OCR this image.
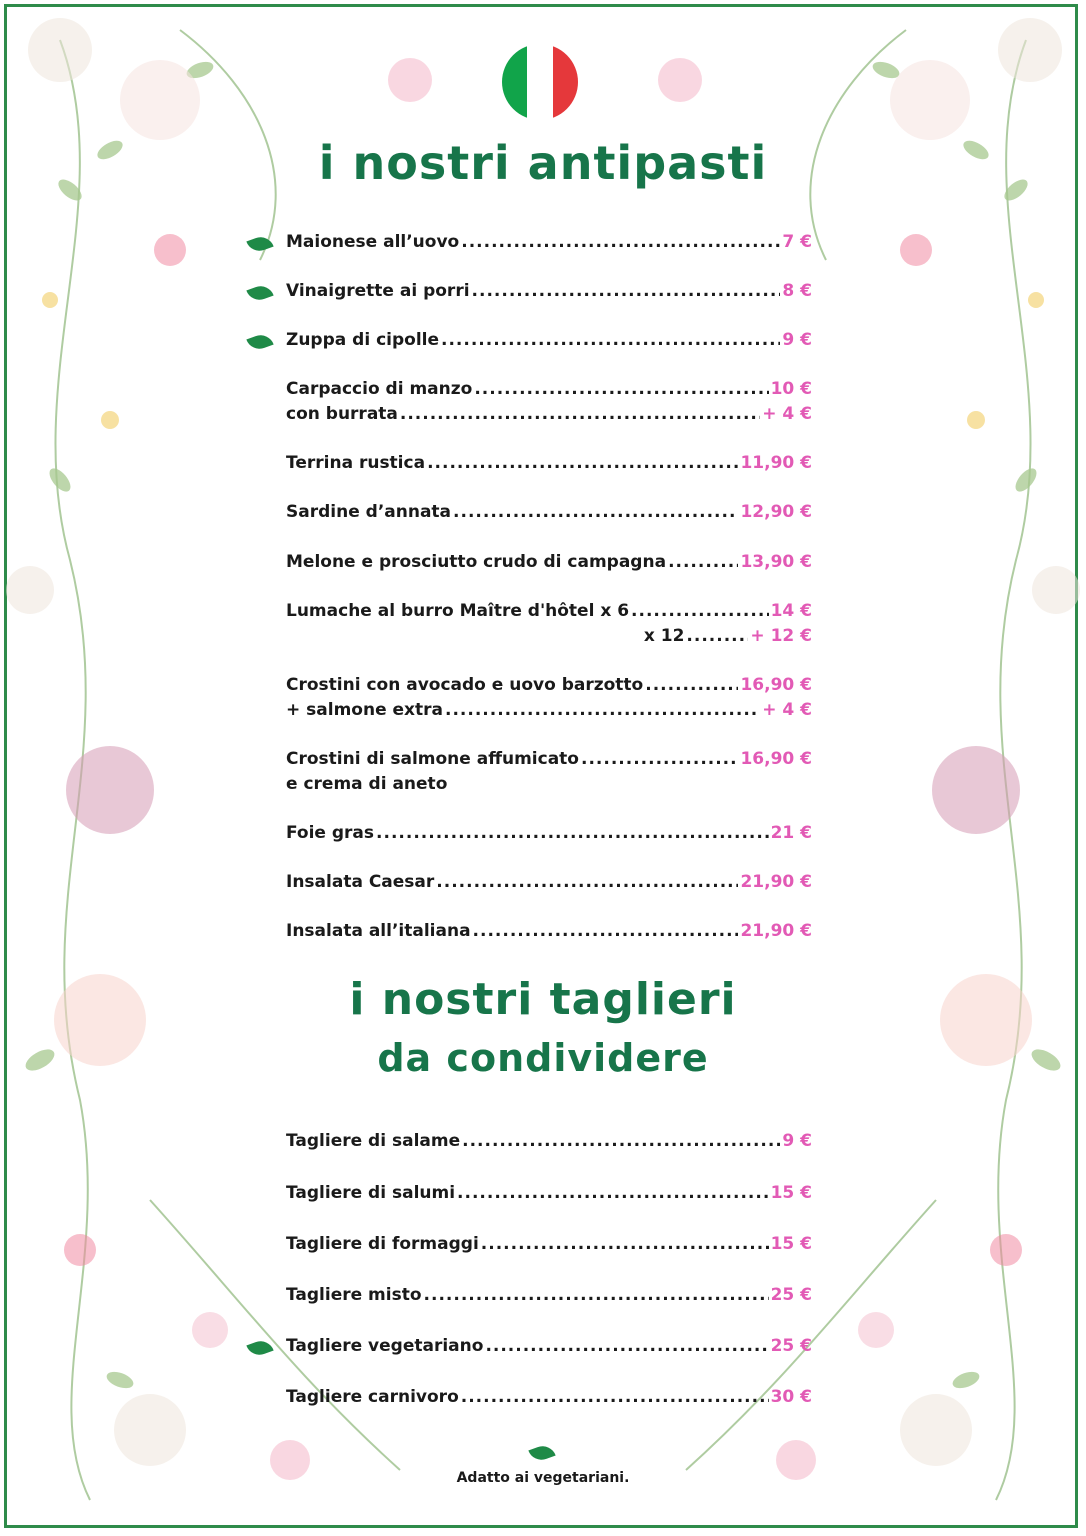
i nostri antipasti
Maionese all’uovo .....	7 €
Vinaigrette ai porri .....	8 €
Zuppa di cipolle .....	9 €
Carpaccio di manzo .....	10 €
con burrata .....	+ 4 €
Terrina rustica .....	11,90 €
Sardine d’annata .....	12,90 €
Melone e prosciutto crudo di campagna .....	13,90 €
Lumache al burro Maître d'hôtel x 6 .....	14 €
x 12 .....	+ 12 €
Crostini con avocado e uovo barzotto .....	16,90 €
+ salmone extra .....	+ 4 €
Crostini di salmone affumicato .....	16,90 €
e crema di aneto
Foie gras .....	21 €
Insalata Caesar .....	21,90 €
Insalata all’italiana .....	21,90 €
i nostri taglieri
da condividere
Tagliere di salame .....	9 €
Tagliere di salumi .....	15 €
Tagliere di formaggi .....	15 €
Tagliere misto .....	25 €
Tagliere vegetariano .....	25 €
Tagliere carnivoro .....	30 €
Adatto ai vegetariani.
